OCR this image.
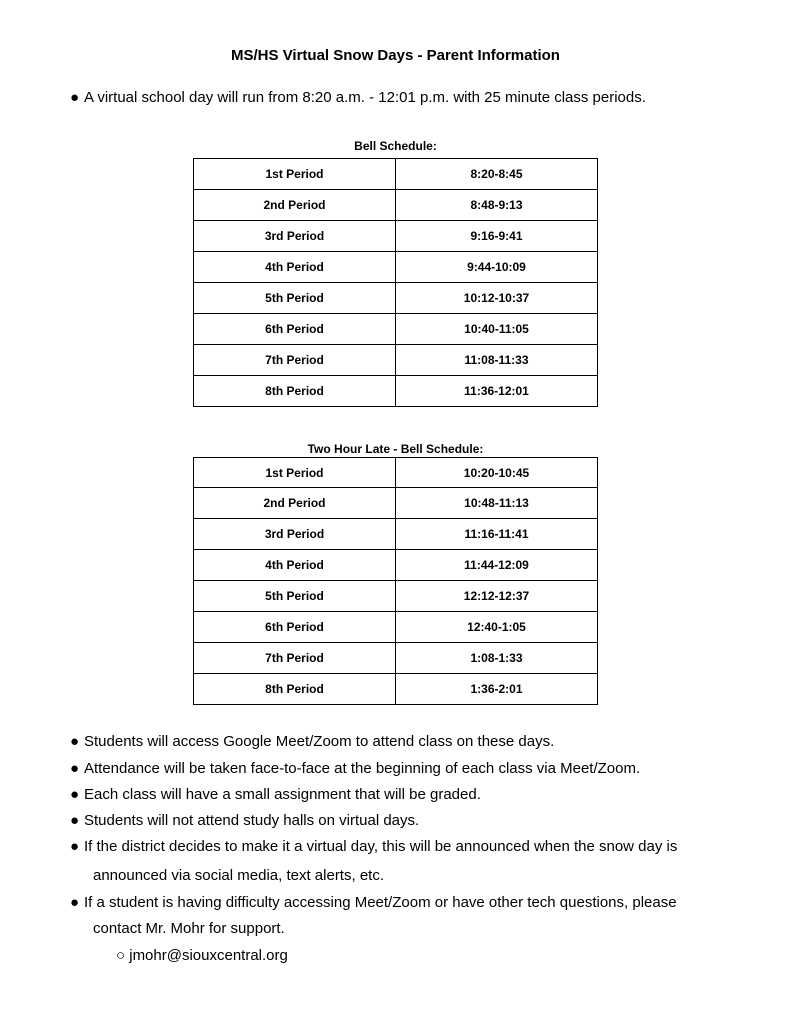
MS/HS Virtual Snow Days - Parent Information
● A virtual school day will run from 8:20 a.m. - 12:01 p.m. with 25 minute class periods.
Bell Schedule:
1st Period	8:20-8:45
2nd Period	8:48-9:13
3rd Period	9:16-9:41
4th Period	9:44-10:09
5th Period	10:12-10:37
6th Period	10:40-11:05
7th Period	11:08-11:33
8th Period	11:36-12:01
Two Hour Late - Bell Schedule:
1st Period	10:20-10:45
2nd Period	10:48-11:13
3rd Period	11:16-11:41
4th Period	11:44-12:09
5th Period	12:12-12:37
6th Period	12:40-1:05
7th Period	1:08-1:33
8th Period	1:36-2:01
● Students will access Google Meet/Zoom to attend class on these days.
● Attendance will be taken face-to-face at the beginning of each class via Meet/Zoom.
● Each class will have a small assignment that will be graded.
● Students will not attend study halls on virtual days.
● If the district decides to make it a virtual day, this will be announced when the snow day is
announced via social media, text alerts, etc.
● If a student is having difficulty accessing Meet/Zoom or have other tech questions, please
contact Mr. Mohr for support.
○ jmohr@siouxcentral.org
